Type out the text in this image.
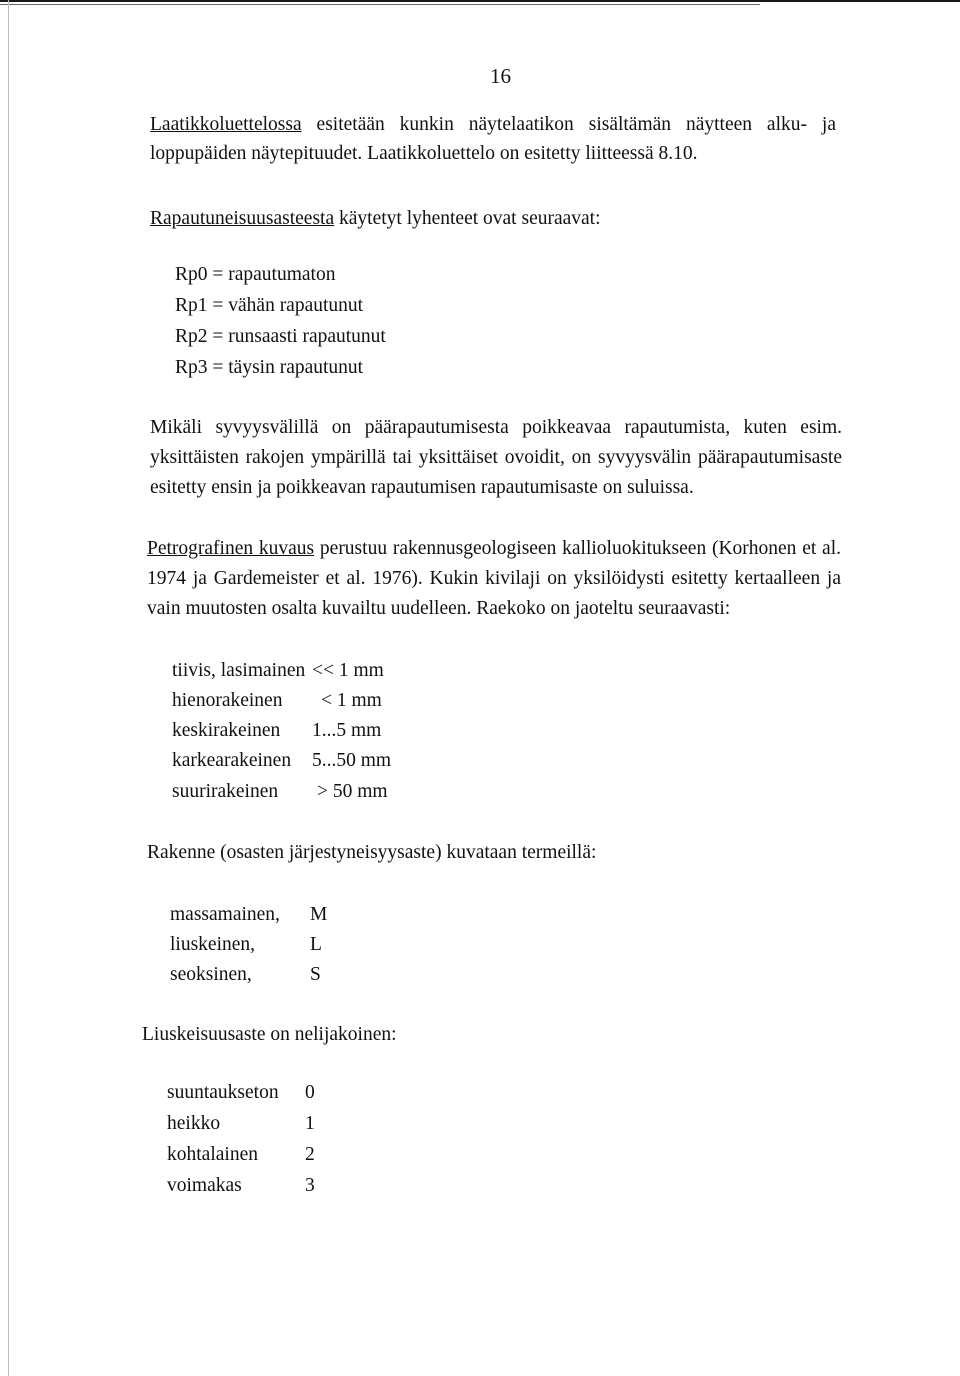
16

Laatikkoluettelossa esitetään kunkin näytelaatikon sisältämän näytteen alku- ja loppupäiden näytepituudet. Laatikkoluettelo on esitetty liitteessä 8.10.

Rapautuneisuusasteesta käytetyt lyhenteet ovat seuraavat:

Rp0 = rapautumaton
Rp1 = vähän rapautunut
Rp2 = runsaasti rapautunut
Rp3 = täysin rapautunut

Mikäli syvyysvälillä on päärapautumisesta poikkeavaa rapautumista, kuten esim. yksittäisten rakojen ympärillä tai yksittäiset ovoidit, on syvyysvälin päärapautumisaste esitetty ensin ja poikkeavan rapautumisen rapautumisaste on suluissa.

Petrografinen kuvaus perustuu rakennusgeologiseen kallioluokitukseen (Korhonen et al. 1974 ja Gardemeister et al. 1976). Kukin kivilaji on yksilöidysti esitetty kertaalleen ja vain muutosten osalta kuvailtu uudelleen. Raekoko on jaoteltu seuraavasti:

tiivis, lasimainen << 1 mm
hienorakeinen < 1 mm
keskirakeinen 1...5 mm
karkearakeinen 5...50 mm
suurirakeinen > 50 mm

Rakenne (osasten järjestyneisyysaste) kuvataan termeillä:

massamainen, M
liuskeinen,	L
seoksinen,	S

Liuskeisuusaste on nelijakoinen:

suuntaukseton 0
heikko	1
kohtalainen 2
voimakas	3
